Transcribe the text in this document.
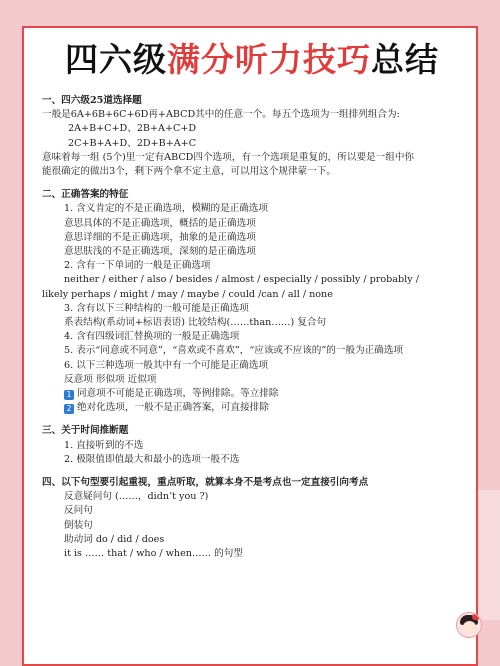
四六级满分听力技巧总结
一、四六级25道选择题
一般是6A+6B+6C+6D再+ABCD其中的任意一个。每五个选项为一组排列组合为:
2A+B+C+D、2B+A+C+D
2C+B+A+D、2D+B+A+C
意味着每一组 (5个)里一定有ABCD四个选项，有一个选项是重复的，所以要是一组中你
能很确定的做出3个，剩下两个拿不定主意，可以用这个规律蒙一下。
二、正确答案的特征
1. 含义肯定的不是正确选项，模糊的是正确选项
意思具体的不是正确选项，概括的是正确选项
意思详细的不是正确选项，抽象的是正确选项
意思肤浅的不是正确选项，深刻的是正确选项
2. 含有一下单词的一般是正确选项
neither / either / also / besides / almost / especially / possibly / probably /
likely perhaps / might / may / maybe / could /can / all / none
3. 含有以下三种结构的一般可能是正确选项
系表结构(系动词+标语表语) 比较结构(……than……) 复合句
4. 含有四级词汇替换项的一般是正确选项
5. 表示“同意或不同意”，“喜欢或不喜欢”，“应该或不应该的”的一般为正确选项
6. 以下三种选项一般其中有一个可能是正确选项
反意项 形似项 近似项
1 同意项不可能是正确选项，等例排除。等立排除
2 绝对化选项，一般不是正确答案，可直接排除
三、关于时间推断题
1. 直接听到的不选
2. 极限值即值最大和最小的选项一般不选
四、以下句型要引起重视，重点听取，就算本身不是考点也一定直接引向考点
反意疑问句 (……，didn’t you ?)
反问句
倒装句
助动词 do / did / does
it is …… that / who / when…… 的句型
